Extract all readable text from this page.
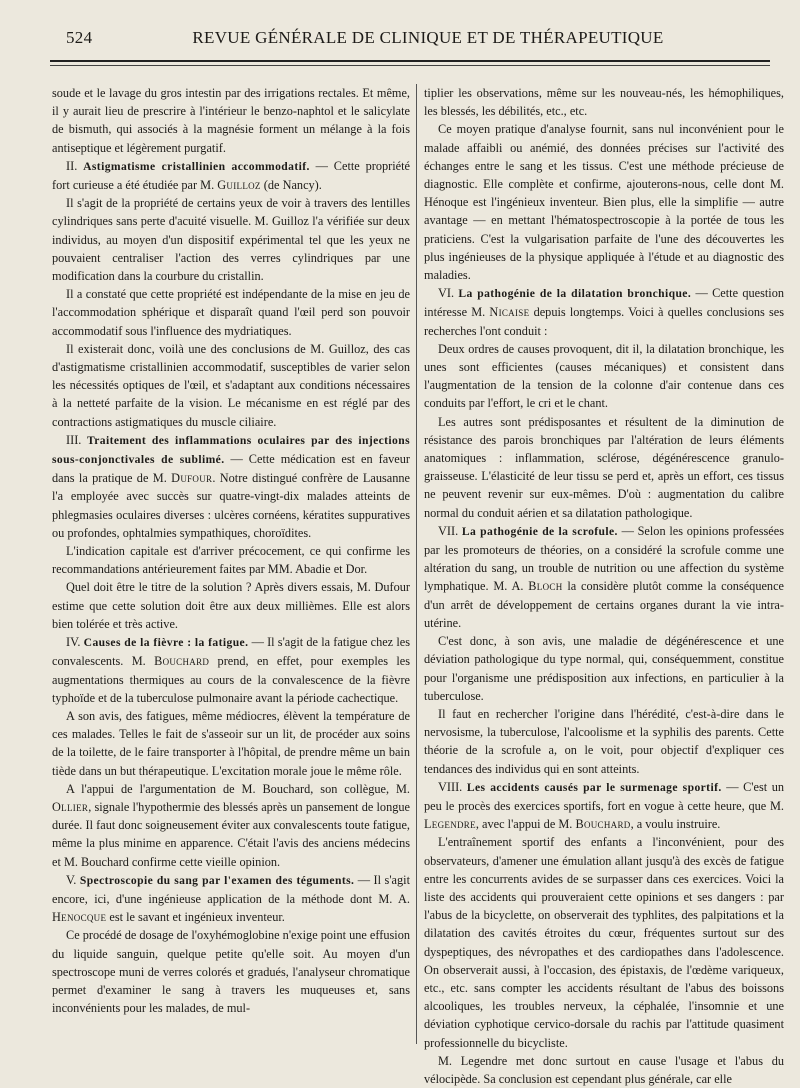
524	REVUE GÉNÉRALE DE CLINIQUE ET DE THÉRAPEUTIQUE

soude et le lavage du gros intestin par des irrigations rectales. Et même, il y aurait lieu de prescrire à l'intérieur le benzo-naphtol et le salicylate de bismuth, qui associés à la magnésie forment un mélange à la fois antiseptique et légèrement purgatif.

II. Astigmatisme cristallinien accommodatif. — Cette propriété fort curieuse a été étudiée par M. Guilloz (de Nancy).

Il s'agit de la propriété de certains yeux de voir à travers des lentilles cylindriques sans perte d'acuité visuelle. M. Guilloz l'a vérifiée sur deux individus, au moyen d'un dispositif expérimental tel que les yeux ne pouvaient centraliser l'action des verres cylindriques par une modification dans la courbure du cristallin.

Il a constaté que cette propriété est indépendante de la mise en jeu de l'accommodation sphérique et disparaît quand l'œil perd son pouvoir accommodatif sous l'influence des mydriatiques.

Il existerait donc, voilà une des conclusions de M. Guilloz, des cas d'astigmatisme cristallinien accommodatif, susceptibles de varier selon les nécessités optiques de l'œil, et s'adaptant aux conditions nécessaires à la netteté parfaite de la vision. Le mécanisme en est réglé par des contractions astigmatiques du muscle ciliaire.

III. Traitement des inflammations oculaires par des injections sous-conjonctivales de sublimé. — Cette médication est en faveur dans la pratique de M. Dufour. Notre distingué confrère de Lausanne l'a employée avec succès sur quatre-vingt-dix malades atteints de phlegmasies oculaires diverses : ulcères cornéens, kératites suppuratives ou profondes, ophtalmies sympathiques, choroïdites.

L'indication capitale est d'arriver précocement, ce qui confirme les recommandations antérieurement faites par MM. Abadie et Dor.

Quel doit être le titre de la solution ? Après divers essais, M. Dufour estime que cette solution doit être aux deux millièmes. Elle est alors bien tolérée et très active.

IV. Causes de la fièvre : la fatigue. — Il s'agit de la fatigue chez les convalescents. M. Bouchard prend, en effet, pour exemples les augmentations thermiques au cours de la convalescence de la fièvre typhoïde et de la tuberculose pulmonaire avant la période cachectique.

A son avis, des fatigues, même médiocres, élèvent la température de ces malades. Telles le fait de s'asseoir sur un lit, de procéder aux soins de la toilette, de le faire transporter à l'hôpital, de prendre même un bain tiède dans un but thérapeutique. L'excitation morale joue le même rôle.

A l'appui de l'argumentation de M. Bouchard, son collègue, M. Ollier, signale l'hypothermie des blessés après un pansement de longue durée. Il faut donc soigneusement éviter aux convalescents toute fatigue, même la plus minime en apparence. C'était l'avis des anciens médecins et M. Bouchard confirme cette vieille opinion.

V. Spectroscopie du sang par l'examen des téguments. — Il s'agit encore, ici, d'une ingénieuse application de la méthode dont M. A. Henocque est le savant et ingénieux inventeur.

Ce procédé de dosage de l'oxyhémoglobine n'exige point une effusion du liquide sanguin, quelque petite qu'elle soit. Au moyen d'un spectroscope muni de verres colorés et gradués, l'analyseur chromatique permet d'examiner le sang à travers les muqueuses et, sans inconvénients pour les malades, de mul-

tiplier les observations, même sur les nouveau-nés, les hémophiliques, les blessés, les débilités, etc., etc.

Ce moyen pratique d'analyse fournit, sans nul inconvénient pour le malade affaibli ou anémié, des données précises sur l'activité des échanges entre le sang et les tissus. C'est une méthode précieuse de diagnostic. Elle complète et confirme, ajouterons-nous, celle dont M. Hénoque est l'ingénieux inventeur. Bien plus, elle la simplifie — autre avantage — en mettant l'hématospectroscopie à la portée de tous les praticiens. C'est la vulgarisation parfaite de l'une des découvertes les plus ingénieuses de la physique appliquée à l'étude et au diagnostic des maladies.

VI. La pathogénie de la dilatation bronchique. — Cette question intéresse M. Nicaise depuis longtemps. Voici à quelles conclusions ses recherches l'ont conduit :

Deux ordres de causes provoquent, dit il, la dilatation bronchique, les unes sont efficientes (causes mécaniques) et consistent dans l'augmentation de la tension de la colonne d'air contenue dans ces conduits par l'effort, le cri et le chant.

Les autres sont prédisposantes et résultent de la diminution de résistance des parois bronchiques par l'altération de leurs éléments anatomiques : inflammation, sclérose, dégénérescence granulo-graisseuse. L'élasticité de leur tissu se perd et, après un effort, ces tissus ne peuvent revenir sur eux-mêmes. D'où : augmentation du calibre normal du conduit aérien et sa dilatation pathologique.

VII. La pathogénie de la scrofule. — Selon les opinions professées par les promoteurs de théories, on a considéré la scrofule comme une altération du sang, un trouble de nutrition ou une affection du système lymphatique. M. A. Bloch la considère plutôt comme la conséquence d'un arrêt de développement de certains organes durant la vie intra-utérine.

C'est donc, à son avis, une maladie de dégénérescence et une déviation pathologique du type normal, qui, conséquemment, constitue pour l'organisme une prédisposition aux infections, en particulier à la tuberculose.

Il faut en rechercher l'origine dans l'hérédité, c'est-à-dire dans le nervosisme, la tuberculose, l'alcoolisme et la syphilis des parents. Cette théorie de la scrofule a, on le voit, pour objectif d'expliquer ces tendances des individus qui en sont atteints.

VIII. Les accidents causés par le surmenage sportif. — C'est un peu le procès des exercices sportifs, fort en vogue à cette heure, que M. Legendre, avec l'appui de M. Bouchard, a voulu instruire.

L'entraînement sportif des enfants a l'inconvénient, pour des observateurs, d'amener une émulation allant jusqu'à des excès de fatigue entre les concurrents avides de se surpasser dans ces exercices. Voici la liste des accidents qui prouveraient cette opinions et ses dangers : par l'abus de la bicyclette, on observerait des typhlites, des palpitations et la dilatation des cavités étroites du cœur, fréquentes surtout sur des dyspeptiques, des névropathes et des cardiopathes dans l'adolescence. On observerait aussi, à l'occasion, des épistaxis, de l'œdème variqueux, etc., etc. sans compter les accidents résultant de l'abus des boissons alcooliques, les troubles nerveux, la céphalée, l'insomnie et une déviation cyphotique cervico-dorsale du rachis par l'attitude quasiment professionnelle du bicycliste.

M. Legendre met donc surtout en cause l'usage et l'abus du vélocipède. Sa conclusion est cependant plus générale, car elle
